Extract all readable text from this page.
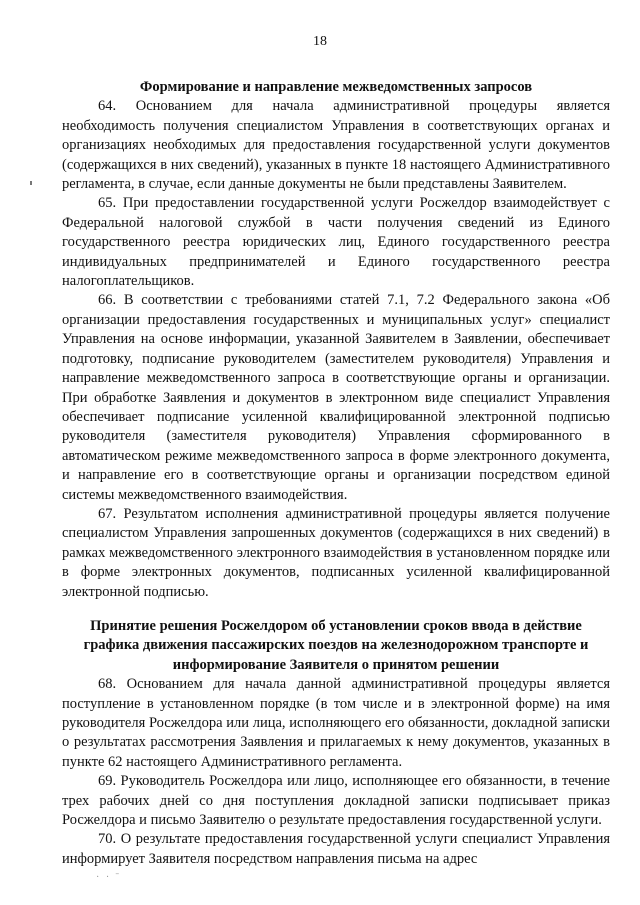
18
Формирование и направление межведомственных запросов

64. Основанием для начала административной процедуры является необходимость получения специалистом Управления в соответствующих органах и организациях необходимых для предоставления государственной услуги документов (содержащихся в них сведений), указанных в пункте 18 настоящего Административного регламента, в случае, если данные документы не были представлены Заявителем.

65. При предоставлении государственной услуги Росжелдор взаимодействует с Федеральной налоговой службой в части получения сведений из Единого государственного реестра юридических лиц, Единого государственного реестра индивидуальных предпринимателей и Единого государственного реестра налогоплательщиков.

66. В соответствии с требованиями статей 7.1, 7.2 Федерального закона «Об организации предоставления государственных и муниципальных услуг» специалист Управления на основе информации, указанной Заявителем в Заявлении, обеспечивает подготовку, подписание руководителем (заместителем руководителя) Управления и направление межведомственного запроса в соответствующие органы и организации. При обработке Заявления и документов в электронном виде специалист Управления обеспечивает подписание усиленной квалифицированной электронной подписью руководителя (заместителя руководителя) Управления сформированного в автоматическом режиме межведомственного запроса в форме электронного документа, и направление его в соответствующие органы и организации посредством единой системы межведомственного взаимодействия.

67. Результатом исполнения административной процедуры является получение специалистом Управления запрошенных документов (содержащихся в них сведений) в рамках межведомственного электронного взаимодействия в установленном порядке или в форме электронных документов, подписанных усиленной квалифицированной электронной подписью.

Принятие решения Росжелдором об установлении сроков ввода в действие графика движения пассажирских поездов на железнодорожном транспорте и информирование Заявителя о принятом решении

68. Основанием для начала данной административной процедуры является поступление в установленном порядке (в том числе и в электронной форме) на имя руководителя Росжелдора или лица, исполняющего его обязанности, докладной записки о результатах рассмотрения Заявления и прилагаемых к нему документов, указанных в пункте 62 настоящего Административного регламента.

69. Руководитель Росжелдора или лицо, исполняющее его обязанности, в течение трех рабочих дней со дня поступления докладной записки подписывает приказ Росжелдора и письмо Заявителю о результате предоставления государственной услуги.

70. О результате предоставления государственной услуги специалист Управления информирует Заявителя посредством направления письма на адрес

· · ˉ
